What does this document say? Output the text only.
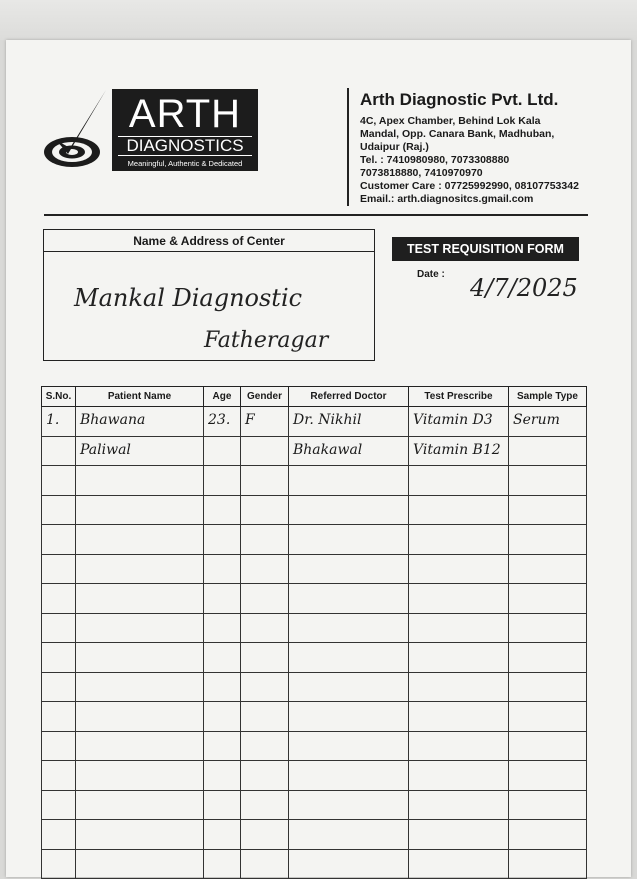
ARTH
DIAGNOSTICS
Meaningful, Authentic & Dedicated
Arth Diagnostic Pvt. Ltd.
4C, Apex Chamber, Behind Lok Kala
Mandal, Opp. Canara Bank, Madhuban,
Udaipur (Raj.)
Tel. : 7410980980, 7073308880
7073818880, 7410970970
Customer Care : 07725992990, 08107753342
Email.: arth.diagnositcs.gmail.com
Name & Address of Center
Mankal Diagnostic
Fatheragar
TEST REQUISITION FORM
Date : 4/7/2025
S.No.	Patient Name	Age	Gender	Referred Doctor	Test Prescribe	Sample Type

1.	Bhawana	23.	F	Dr. Nikhil	Vitamin D3	Serum

	Paliwal			Bhakawal	Vitamin B12	
